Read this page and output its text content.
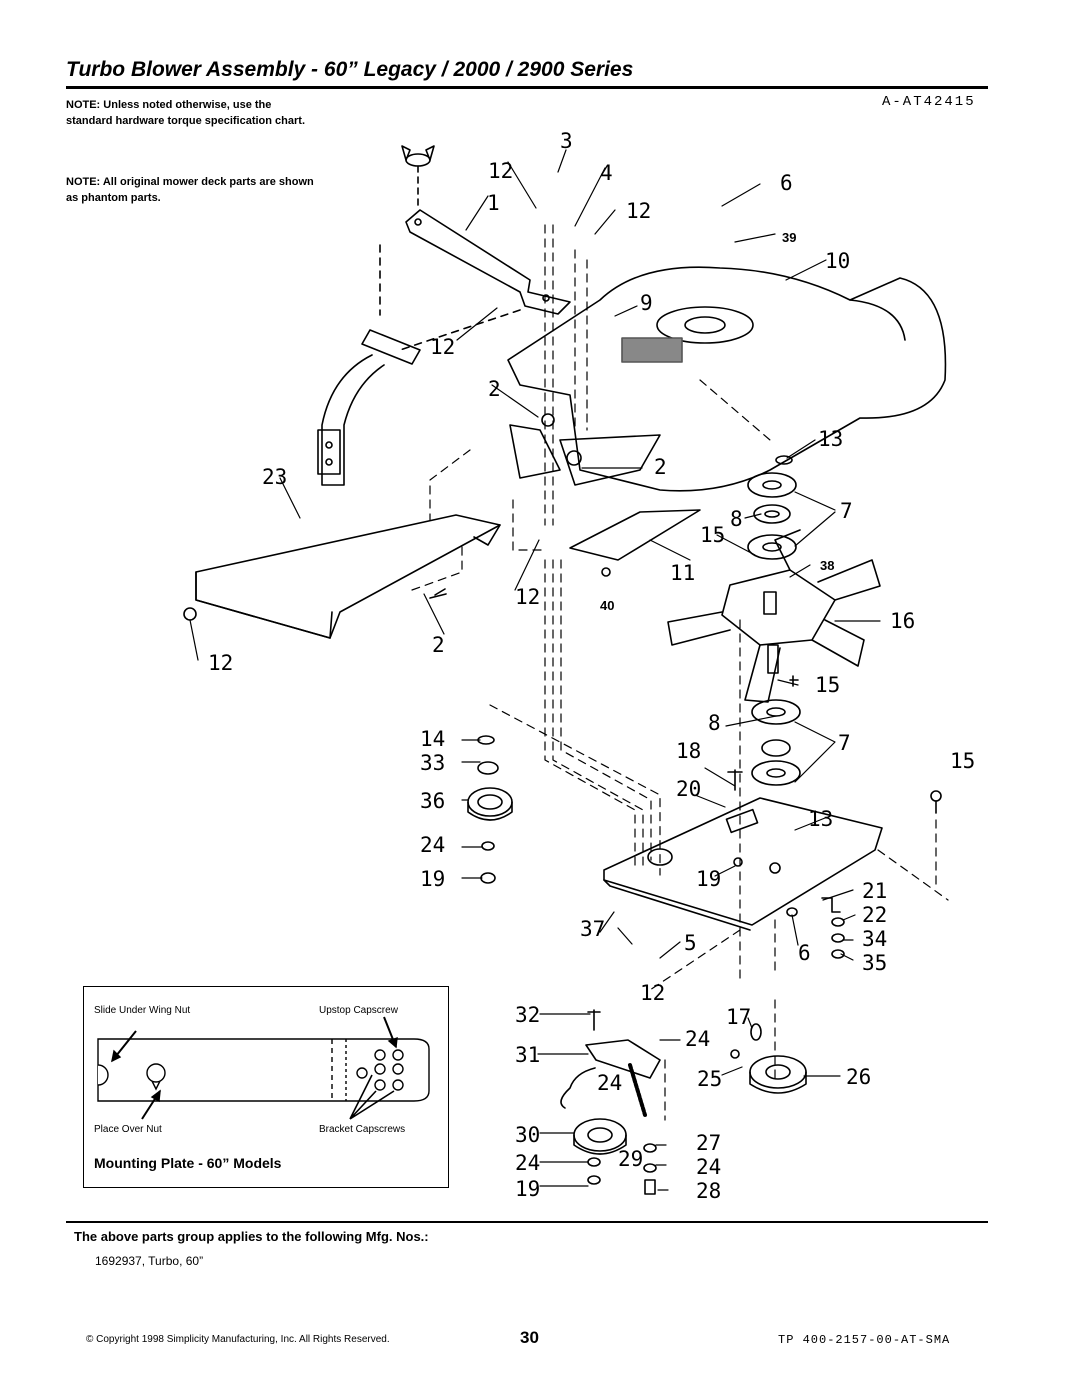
Turbo Blower Assembly - 60” Legacy / 2000 / 2900 Series
A-AT42415
NOTE: Unless noted otherwise, use the standard hardware torque specification chart.
NOTE: All original mower deck parts are shown as phantom parts.
3
12	4	6
1	12
10
9
12
2
13
2
23
7
8
15
11
12
16
2
12
15
8
14	7
18	15
33
20
36
13
24
19
19	21
22
37	34
5	6 35
12
32	17
24
31
24	25	26
30	27
24	29	24
19	28
39
38
40
Slide Under Wing Nut	Upstop Capscrew
Place Over Nut	Bracket Capscrews
Mounting Plate - 60” Models
The above parts group applies to the following Mfg. Nos.:
1692937, Turbo, 60”
© Copyright 1998 Simplicity Manufacturing, Inc. All Rights Reserved.	30	TP 400-2157-00-AT-SMA
